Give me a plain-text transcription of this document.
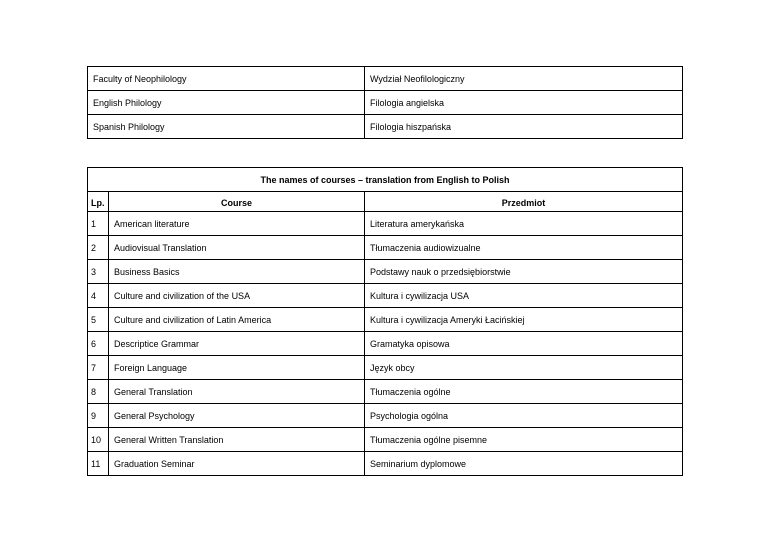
Faculty of Neophilology	Wydział Neofilologiczny
English Philology	Filologia angielska
Spanish Philology	Filologia hiszpańska
The names of courses – translation from English to Polish		
Lp.	Course	Przedmiot
1	American literature	Literatura amerykańska
2	Audiovisual Translation	Tłumaczenia audiowizualne
3	Business Basics	Podstawy nauk o przedsiębiorstwie
4	Culture and civilization of the USA	Kultura i cywilizacja USA
5	Culture and civilization of Latin America	Kultura i cywilizacja Ameryki Łacińskiej
6	Descriptice Grammar	Gramatyka opisowa
7	Foreign Language	Język obcy
8	General Translation	Tłumaczenia ogólne
9	General Psychology	Psychologia ogólna
10	General Written Translation	Tłumaczenia ogólne pisemne
11	Graduation Seminar	Seminarium dyplomowe
